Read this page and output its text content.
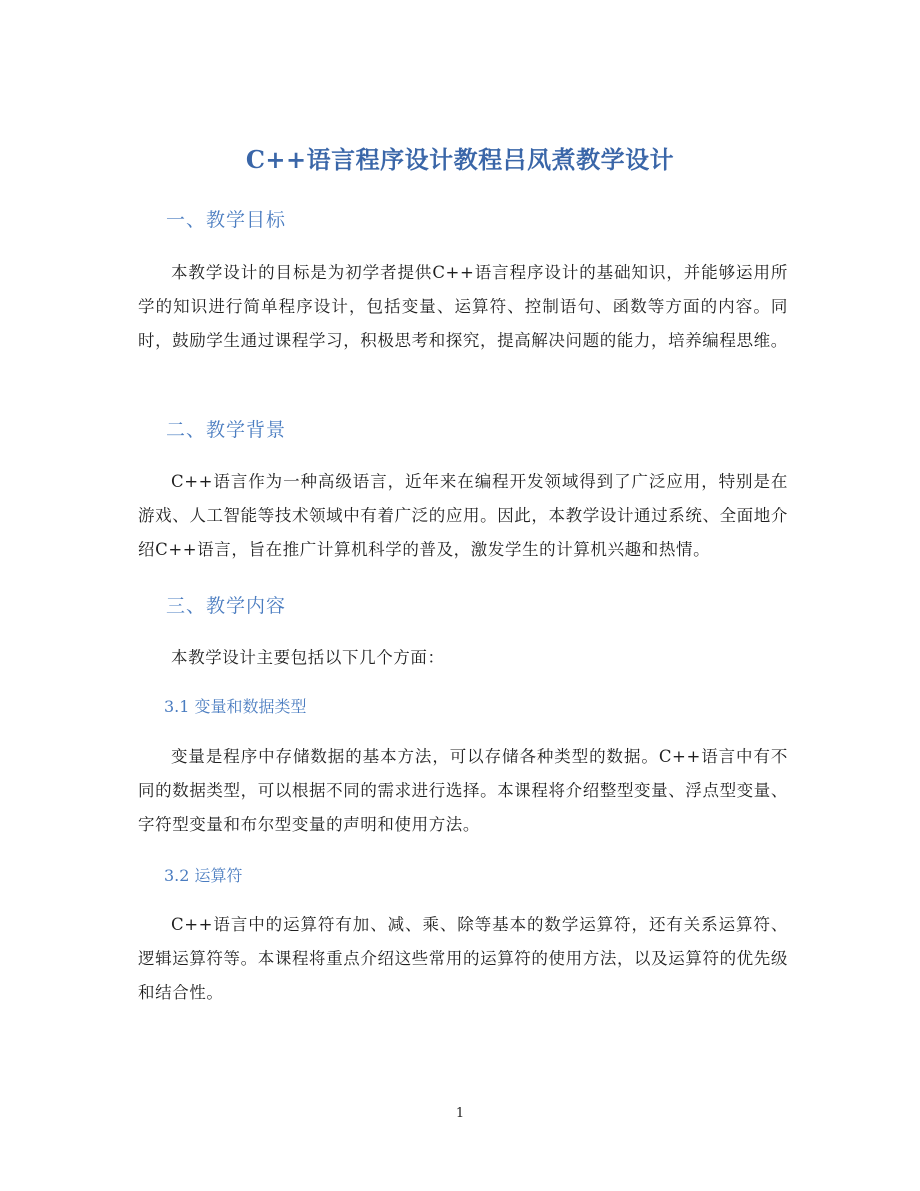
C++语言程序设计教程吕凤煮教学设计
一、教学目标
本教学设计的目标是为初学者提供C++语言程序设计的基础知识，并能够运用所学的知识进行简单程序设计，包括变量、运算符、控制语句、函数等方面的内容。同时，鼓励学生通过课程学习，积极思考和探究，提高解决问题的能力，培养编程思维。
二、教学背景
C++语言作为一种高级语言，近年来在编程开发领域得到了广泛应用，特别是在游戏、人工智能等技术领域中有着广泛的应用。因此，本教学设计通过系统、全面地介绍C++语言，旨在推广计算机科学的普及，激发学生的计算机兴趣和热情。
三、教学内容
本教学设计主要包括以下几个方面：
3.1 变量和数据类型
变量是程序中存储数据的基本方法，可以存储各种类型的数据。C++语言中有不同的数据类型，可以根据不同的需求进行选择。本课程将介绍整型变量、浮点型变量、字符型变量和布尔型变量的声明和使用方法。
3.2 运算符
C++语言中的运算符有加、减、乘、除等基本的数学运算符，还有关系运算符、逻辑运算符等。本课程将重点介绍这些常用的运算符的使用方法，以及运算符的优先级和结合性。
1
